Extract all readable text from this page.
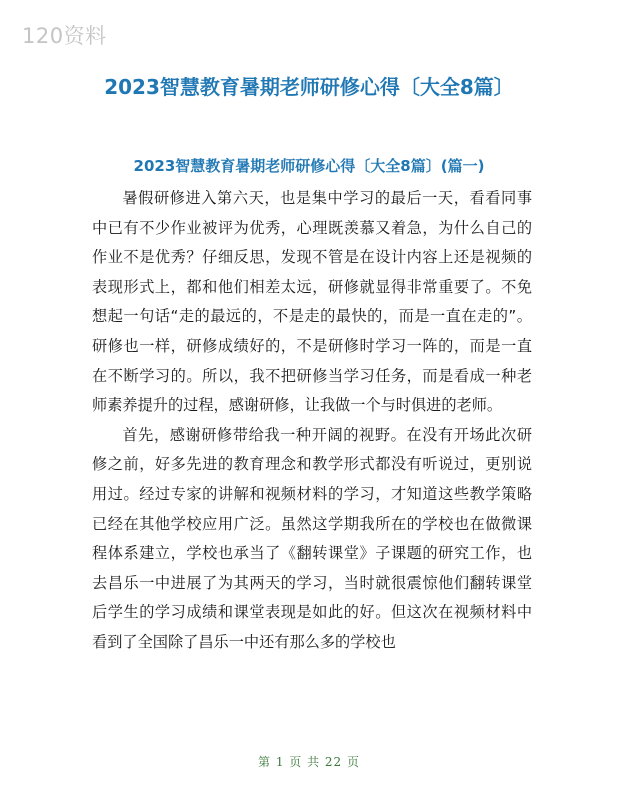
120资料
2023智慧教育暑期老师研修心得〔大全8篇〕
2023智慧教育暑期老师研修心得〔大全8篇〕(篇一)

暑假研修进入第六天，也是集中学习的最后一天，看看同事中已有不少作业被评为优秀，心理既羡慕又着急，为什么自己的作业不是优秀？仔细反思，发现不管是在设计内容上还是视频的表现形式上，都和他们相差太远，研修就显得非常重要了。不免想起一句话“走的最远的，不是走的最快的，而是一直在走的”。研修也一样，研修成绩好的，不是研修时学习一阵的，而是一直在不断学习的。所以，我不把研修当学习任务，而是看成一种老师素养提升的过程，感谢研修，让我做一个与时俱进的老师。

首先，感谢研修带给我一种开阔的视野。在没有开场此次研修之前，好多先进的教育理念和教学形式都没有听说过，更别说用过。经过专家的讲解和视频材料的学习，才知道这些教学策略已经在其他学校应用广泛。虽然这学期我所在的学校也在做微课程体系建立，学校也承当了《翻转课堂》子课题的研究工作，也去昌乐一中进展了为其两天的学习，当时就很震惊他们翻转课堂后学生的学习成绩和课堂表现是如此的好。但这次在视频材料中看到了全国除了昌乐一中还有那么多的学校也

第 1 页 共 22 页
